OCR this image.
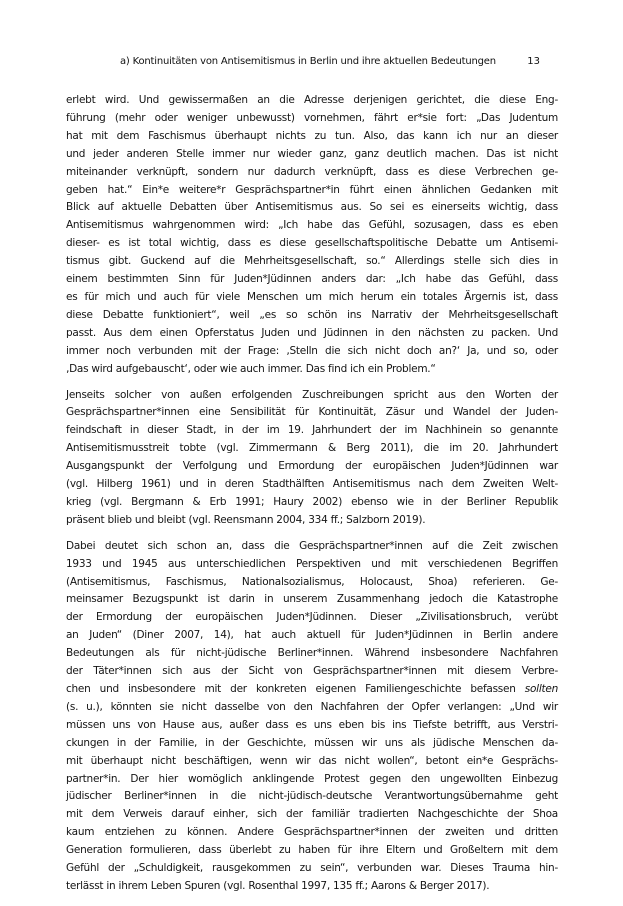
a) Kontinuitäten von Antisemitismus in Berlin und ihre aktuellen Bedeutungen	13

erlebt wird. Und gewissermaßen an die Adresse derjenigen gerichtet, die diese Eng-
führung (mehr oder weniger unbewusst) vornehmen, fährt er*sie fort: „Das Judentum
hat mit dem Faschismus überhaupt nichts zu tun. Also, das kann ich nur an dieser
und jeder anderen Stelle immer nur wieder ganz, ganz deutlich machen. Das ist nicht
miteinander verknüpft, sondern nur dadurch verknüpft, dass es diese Verbrechen ge-
geben hat.“ Ein*e weitere*r Gesprächspartner*in führt einen ähnlichen Gedanken mit
Blick auf aktuelle Debatten über Antisemitismus aus. So sei es einerseits wichtig, dass
Antisemitismus wahrgenommen wird: „Ich habe das Gefühl, sozusagen, dass es eben
dieser- es ist total wichtig, dass es diese gesellschaftspolitische Debatte um Antisemi-
tismus gibt. Guckend auf die Mehrheitsgesellschaft, so.“ Allerdings stelle sich dies in
einem bestimmten Sinn für Juden*Jüdinnen anders dar: „Ich habe das Gefühl, dass
es für mich und auch für viele Menschen um mich herum ein totales Ärgernis ist, dass
diese Debatte funktioniert“, weil „es so schön ins Narrativ der Mehrheitsgesellschaft
passt. Aus dem einen Opferstatus Juden und Jüdinnen in den nächsten zu packen. Und
immer noch verbunden mit der Frage: ‚Stelln die sich nicht doch an?‘ Ja, und so, oder
‚Das wird aufgebauscht‘, oder wie auch immer. Das find ich ein Problem.“

Jenseits solcher von außen erfolgenden Zuschreibungen spricht aus den Worten der
Gesprächspartner*innen eine Sensibilität für Kontinuität, Zäsur und Wandel der Juden-
feindschaft in dieser Stadt, in der im 19. Jahrhundert der im Nachhinein so genannte
Antisemitismusstreit tobte (vgl. Zimmermann & Berg 2011), die im 20. Jahrhundert
Ausgangspunkt der Verfolgung und Ermordung der europäischen Juden*Jüdinnen war
(vgl. Hilberg 1961) und in deren Stadthälften Antisemitismus nach dem Zweiten Welt-
krieg (vgl. Bergmann & Erb 1991; Haury 2002) ebenso wie in der Berliner Republik
präsent blieb und bleibt (vgl. Reensmann 2004, 334 ff.; Salzborn 2019).

Dabei deutet sich schon an, dass die Gesprächspartner*innen auf die Zeit zwischen
1933 und 1945 aus unterschiedlichen Perspektiven und mit verschiedenen Begriffen
(Antisemitismus, Faschismus, Nationalsozialismus, Holocaust, Shoa) referieren. Ge-
meinsamer Bezugspunkt ist darin in unserem Zusammenhang jedoch die Katastrophe
der Ermordung der europäischen Juden*Jüdinnen. Dieser „Zivilisationsbruch, verübt
an Juden“ (Diner 2007, 14), hat auch aktuell für Juden*Jüdinnen in Berlin andere
Bedeutungen als für nicht-jüdische Berliner*innen. Während insbesondere Nachfahren
der Täter*innen sich aus der Sicht von Gesprächspartner*innen mit diesem Verbre-
chen und insbesondere mit der konkreten eigenen Familiengeschichte befassen sollten
(s. u.), könnten sie nicht dasselbe von den Nachfahren der Opfer verlangen: „Und wir
müssen uns von Hause aus, außer dass es uns eben bis ins Tiefste betrifft, aus Verstri-
ckungen in der Familie, in der Geschichte, müssen wir uns als jüdische Menschen da-
mit überhaupt nicht beschäftigen, wenn wir das nicht wollen“, betont ein*e Gesprächs-
partner*in. Der hier womöglich anklingende Protest gegen den ungewollten Einbezug
jüdischer Berliner*innen in die nicht-jüdisch-deutsche Verantwortungsübernahme geht
mit dem Verweis darauf einher, sich der familiär tradierten Nachgeschichte der Shoa
kaum entziehen zu können. Andere Gesprächspartner*innen der zweiten und dritten
Generation formulieren, dass überlebt zu haben für ihre Eltern und Großeltern mit dem
Gefühl der „Schuldigkeit, rausgekommen zu sein“, verbunden war. Dieses Trauma hin-
terlässt in ihrem Leben Spuren (vgl. Rosenthal 1997, 135 ff.; Aarons & Berger 2017).
